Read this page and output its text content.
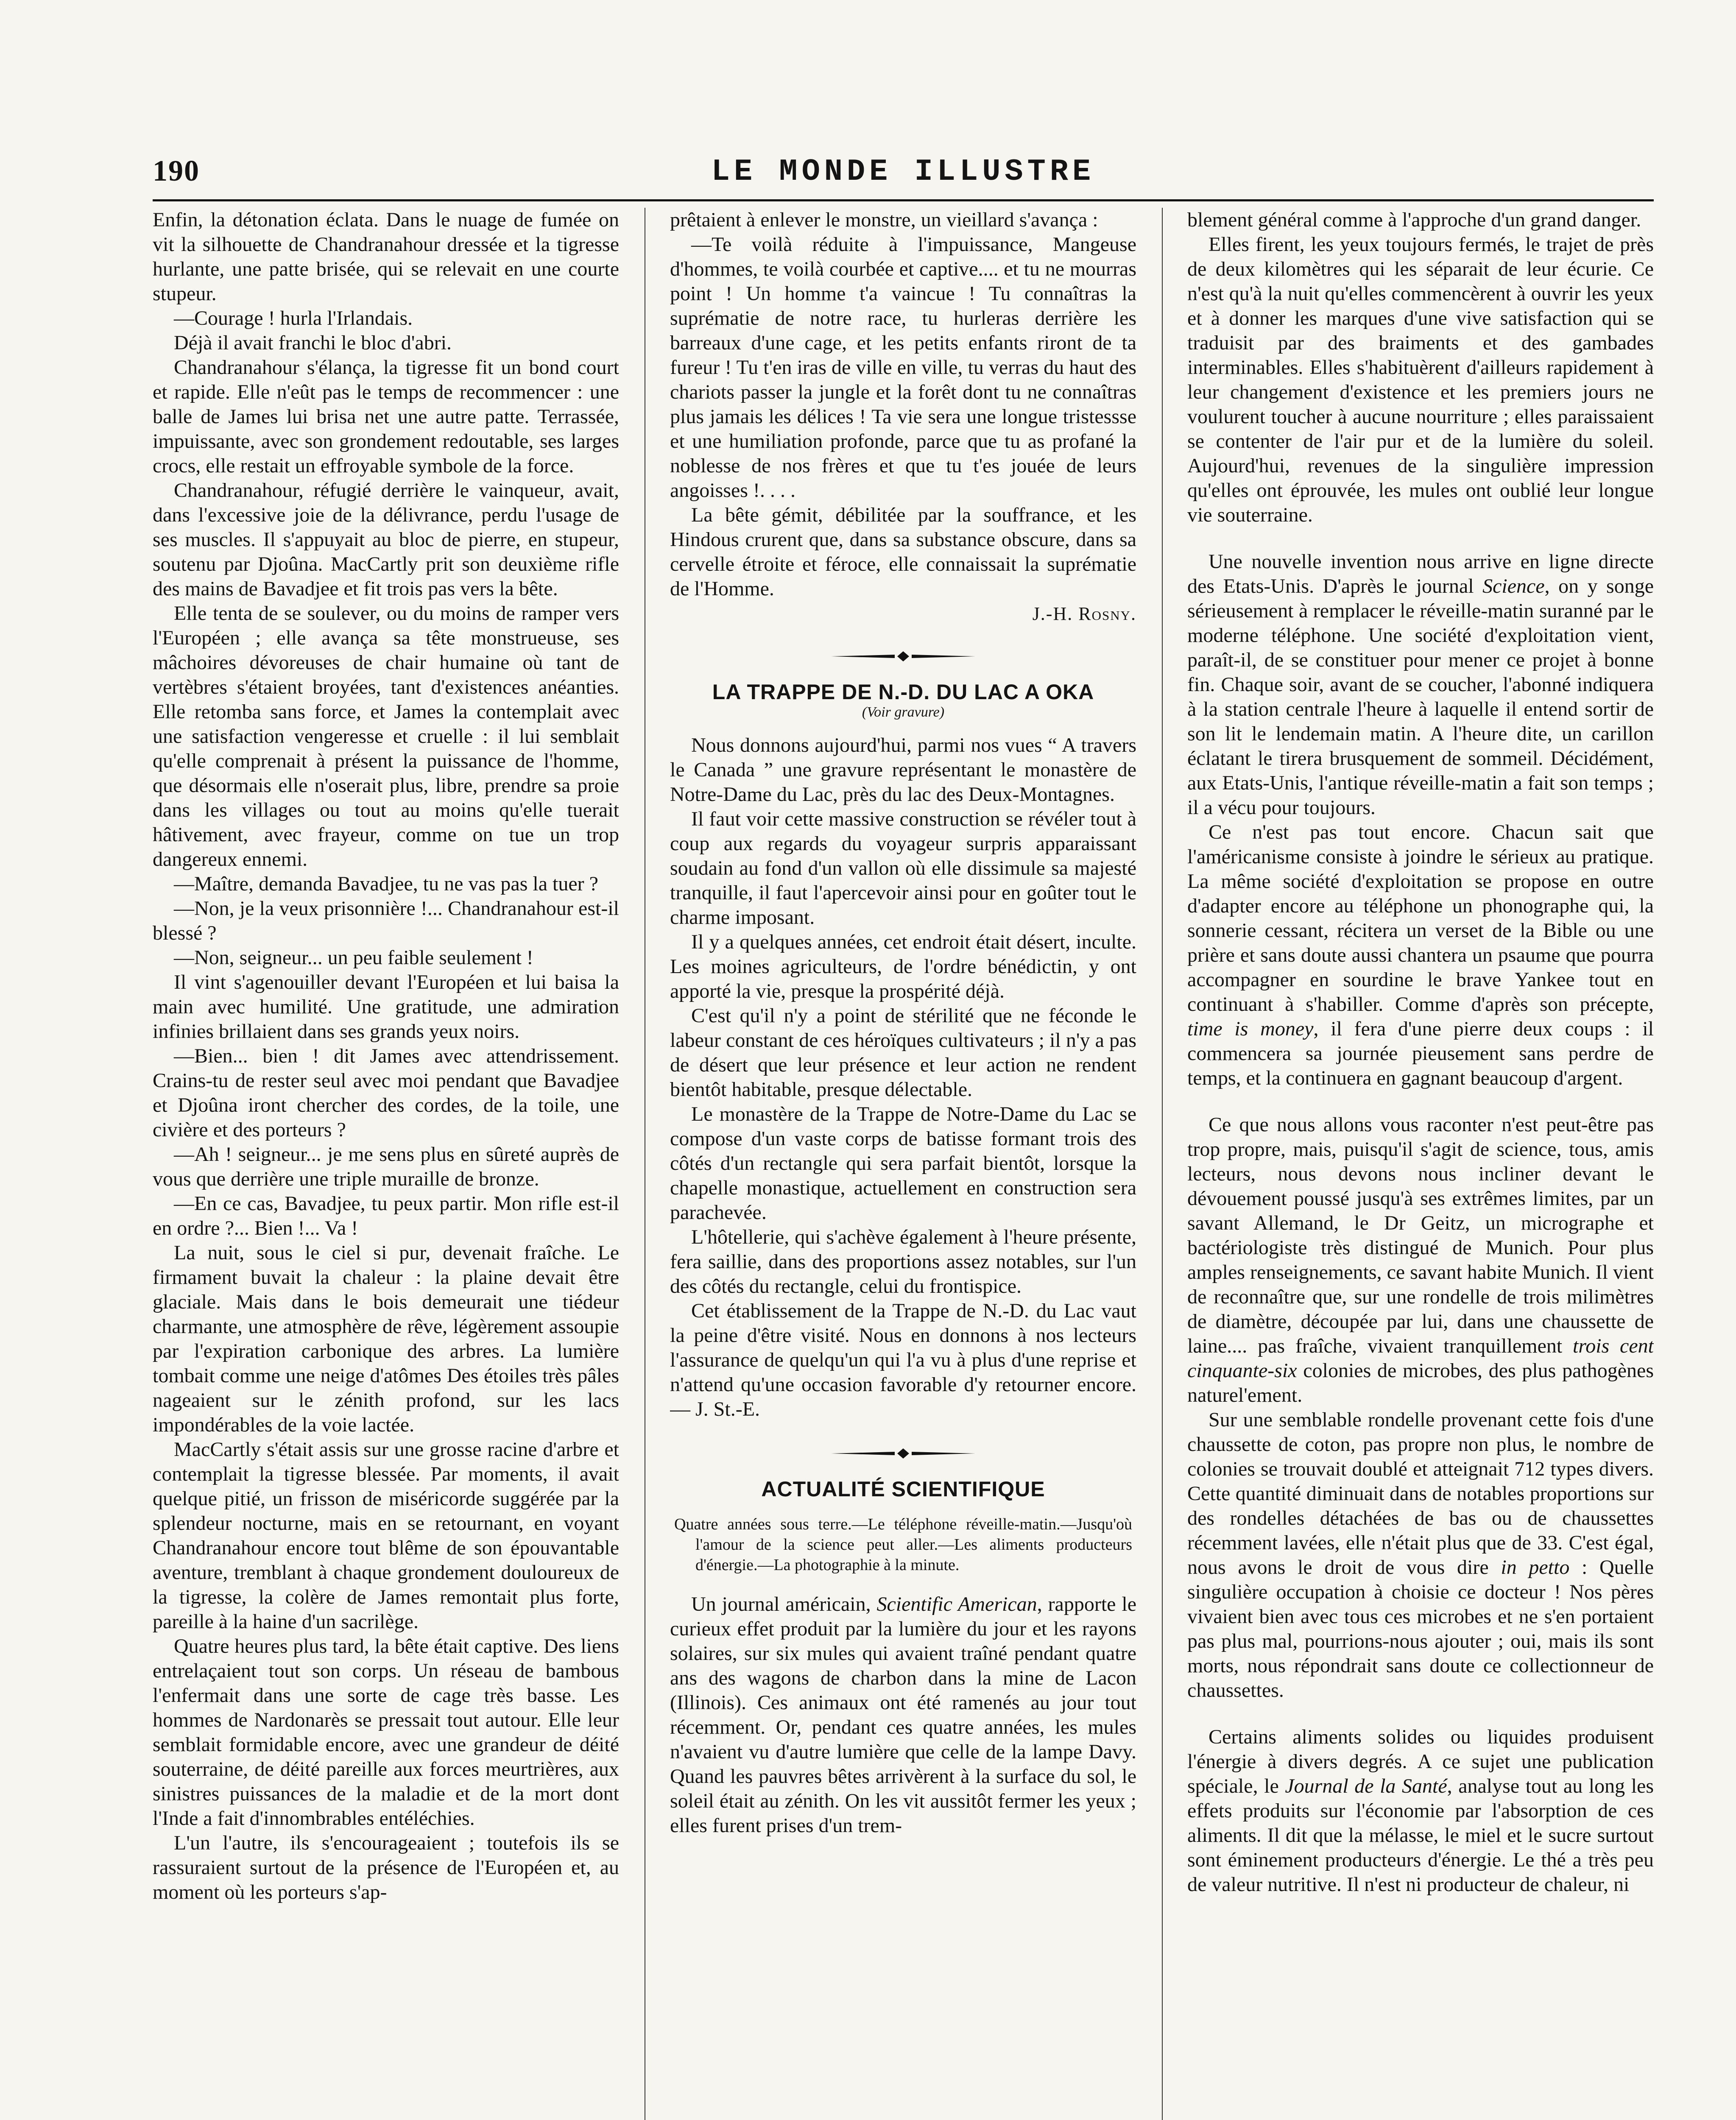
190	LE MONDE ILLUSTRE

Enfin, la détonation éclata. Dans le nuage de fumée on vit la silhouette de Chandranahour dressée et la tigresse hurlante, une patte brisée, qui se relevait en une courte stupeur.

—Courage ! hurla l'Irlandais.

Déjà il avait franchi le bloc d'abri.

Chandranahour s'élança, la tigresse fit un bond court et rapide. Elle n'eût pas le temps de recommencer : une balle de James lui brisa net une autre patte. Terrassée, impuissante, avec son grondement redoutable, ses larges crocs, elle restait un effroyable symbole de la force.

Chandranahour, réfugié derrière le vainqueur, avait, dans l'excessive joie de la délivrance, perdu l'usage de ses muscles. Il s'appuyait au bloc de pierre, en stupeur, soutenu par Djoûna. MacCartly prit son deuxième rifle des mains de Bavadjee et fit trois pas vers la bête.

Elle tenta de se soulever, ou du moins de ramper vers l'Européen ; elle avança sa tête monstrueuse, ses mâchoires dévoreuses de chair humaine où tant de vertèbres s'étaient broyées, tant d'existences anéanties. Elle retomba sans force, et James la contemplait avec une satisfaction vengeresse et cruelle : il lui semblait qu'elle comprenait à présent la puissance de l'homme, que désormais elle n'oserait plus, libre, prendre sa proie dans les villages ou tout au moins qu'elle tuerait hâtivement, avec frayeur, comme on tue un trop dangereux ennemi.

—Maître, demanda Bavadjee, tu ne vas pas la tuer ?

—Non, je la veux prisonnière !... Chandranahour est-il blessé ?

—Non, seigneur... un peu faible seulement !

Il vint s'agenouiller devant l'Européen et lui baisa la main avec humilité. Une gratitude, une admiration infinies brillaient dans ses grands yeux noirs.

—Bien... bien ! dit James avec attendrissement. Crains-tu de rester seul avec moi pendant que Bavadjee et Djoûna iront chercher des cordes, de la toile, une civière et des porteurs ?

—Ah ! seigneur... je me sens plus en sûreté auprès de vous que derrière une triple muraille de bronze.

—En ce cas, Bavadjee, tu peux partir. Mon rifle est-il en ordre ?... Bien !... Va !

La nuit, sous le ciel si pur, devenait fraîche. Le firmament buvait la chaleur : la plaine devait être glaciale. Mais dans le bois demeurait une tiédeur charmante, une atmosphère de rêve, légèrement assoupie par l'expiration carbonique des arbres. La lumière tombait comme une neige d'atômes Des étoiles très pâles nageaient sur le zénith profond, sur les lacs impondérables de la voie lactée.

MacCartly s'était assis sur une grosse racine d'arbre et contemplait la tigresse blessée. Par moments, il avait quelque pitié, un frisson de miséricorde suggérée par la splendeur nocturne, mais en se retournant, en voyant Chandranahour encore tout blême de son épouvantable aventure, tremblant à chaque grondement douloureux de la tigresse, la colère de James remontait plus forte, pareille à la haine d'un sacrilège.

Quatre heures plus tard, la bête était captive. Des liens entrelaçaient tout son corps. Un réseau de bambous l'enfermait dans une sorte de cage très basse. Les hommes de Nardonarès se pressait tout autour. Elle leur semblait formidable encore, avec une grandeur de déité souterraine, de déité pareille aux forces meurtrières, aux sinistres puissances de la maladie et de la mort dont l'Inde a fait d'innombrables entéléchies.

L'un l'autre, ils s'encourageaient ; toutefois ils se rassuraient surtout de la présence de l'Européen et, au moment où les porteurs s'ap-

prêtaient à enlever le monstre, un vieillard s'avança :

—Te voilà réduite à l'impuissance, Mangeuse d'hommes, te voilà courbée et captive.... et tu ne mourras point ! Un homme t'a vaincue ! Tu connaîtras la suprématie de notre race, tu hurleras derrière les barreaux d'une cage, et les petits enfants riront de ta fureur ! Tu t'en iras de ville en ville, tu verras du haut des chariots passer la jungle et la forêt dont tu ne connaîtras plus jamais les délices ! Ta vie sera une longue tristessse et une humiliation profonde, parce que tu as profané la noblesse de nos frères et que tu t'es jouée de leurs angoisses !. . . .

La bête gémit, débilitée par la souffrance, et les Hindous crurent que, dans sa substance obscure, dans sa cervelle étroite et féroce, elle connaissait la suprématie de l'Homme.

J.-H. Rosny.
LA TRAPPE DE N.-D. DU LAC A OKA
(Voir gravure)

Nous donnons aujourd'hui, parmi nos vues “ A travers le Canada ” une gravure représentant le monastère de Notre-Dame du Lac, près du lac des Deux-Montagnes.

Il faut voir cette massive construction se révéler tout à coup aux regards du voyageur surpris apparaissant soudain au fond d'un vallon où elle dissimule sa majesté tranquille, il faut l'apercevoir ainsi pour en goûter tout le charme imposant.

Il y a quelques années, cet endroit était désert, inculte. Les moines agriculteurs, de l'ordre bénédictin, y ont apporté la vie, presque la prospérité déjà.

C'est qu'il n'y a point de stérilité que ne féconde le labeur constant de ces héroïques cultivateurs ; il n'y a pas de désert que leur présence et leur action ne rendent bientôt habitable, presque délectable.

Le monastère de la Trappe de Notre-Dame du Lac se compose d'un vaste corps de batisse formant trois des côtés d'un rectangle qui sera parfait bientôt, lorsque la chapelle monastique, actuellement en construction sera parachevée.

L'hôtellerie, qui s'achève également à l'heure présente, fera saillie, dans des proportions assez notables, sur l'un des côtés du rectangle, celui du frontispice.

Cet établissement de la Trappe de N.-D. du Lac vaut la peine d'être visité. Nous en donnons à nos lecteurs l'assurance de quelqu'un qui l'a vu à plus d'une reprise et n'attend qu'une occasion favorable d'y retourner encore.— J. St.-E.

ACTUALITÉ SCIENTIFIQUE
Quatre années sous terre.—Le téléphone réveille-matin.—Jusqu'où l'amour de la science peut aller.—Les aliments producteurs d'énergie.—La photographie à la minute.

Un journal américain, Scientific American, rapporte le curieux effet produit par la lumière du jour et les rayons solaires, sur six mules qui avaient traîné pendant quatre ans des wagons de charbon dans la mine de Lacon (Illinois). Ces animaux ont été ramenés au jour tout récemment. Or, pendant ces quatre années, les mules n'avaient vu d'autre lumière que celle de la lampe Davy. Quand les pauvres bêtes arrivèrent à la surface du sol, le soleil était au zénith. On les vit aussitôt fermer les yeux ; elles furent prises d'un trem-

blement général comme à l'approche d'un grand danger.

Elles firent, les yeux toujours fermés, le trajet de près de deux kilomètres qui les séparait de leur écurie. Ce n'est qu'à la nuit qu'elles commencèrent à ouvrir les yeux et à donner les marques d'une vive satisfaction qui se traduisit par des braiments et des gambades interminables. Elles s'habituèrent d'ailleurs rapidement à leur changement d'existence et les premiers jours ne voulurent toucher à aucune nourriture ; elles paraissaient se contenter de l'air pur et de la lumière du soleil. Aujourd'hui, revenues de la singulière impression qu'elles ont éprouvée, les mules ont oublié leur longue vie souterraine.

Une nouvelle invention nous arrive en ligne directe des Etats-Unis. D'après le journal Science, on y songe sérieusement à remplacer le réveille-matin suranné par le moderne téléphone. Une société d'exploitation vient, paraît-il, de se constituer pour mener ce projet à bonne fin. Chaque soir, avant de se coucher, l'abonné indiquera à la station centrale l'heure à laquelle il entend sortir de son lit le lendemain matin. A l'heure dite, un carillon éclatant le tirera brusquement de sommeil. Décidément, aux Etats-Unis, l'antique réveille-matin a fait son temps ; il a vécu pour toujours.

Ce n'est pas tout encore. Chacun sait que l'américanisme consiste à joindre le sérieux au pratique. La même société d'exploitation se propose en outre d'adapter encore au téléphone un phonographe qui, la sonnerie cessant, récitera un verset de la Bible ou une prière et sans doute aussi chantera un psaume que pourra accompagner en sourdine le brave Yankee tout en continuant à s'habiller. Comme d'après son précepte, time is money, il fera d'une pierre deux coups : il commencera sa journée pieusement sans perdre de temps, et la continuera en gagnant beaucoup d'argent.

Ce que nous allons vous raconter n'est peut-être pas trop propre, mais, puisqu'il s'agit de science, tous, amis lecteurs, nous devons nous incliner devant le dévouement poussé jusqu'à ses extrêmes limites, par un savant Allemand, le Dr Geitz, un micrographe et bactériologiste très distingué de Munich. Pour plus amples renseignements, ce savant habite Munich. Il vient de reconnaître que, sur une rondelle de trois milimètres de diamètre, découpée par lui, dans une chaussette de laine.... pas fraîche, vivaient tranquillement trois cent cinquante-six colonies de microbes, des plus pathogènes naturel'ement.

Sur une semblable rondelle provenant cette fois d'une chaussette de coton, pas propre non plus, le nombre de colonies se trouvait doublé et atteignait 712 types divers. Cette quantité diminuait dans de notables proportions sur des rondelles détachées de bas ou de chaussettes récemment lavées, elle n'était plus que de 33. C'est égal, nous avons le droit de vous dire in petto : Quelle singulière occupation à choisie ce docteur ! Nos pères vivaient bien avec tous ces microbes et ne s'en portaient pas plus mal, pourrions-nous ajouter ; oui, mais ils sont morts, nous répondrait sans doute ce collectionneur de chaussettes.

Certains aliments solides ou liquides produisent l'énergie à divers degrés. A ce sujet une publication spéciale, le Journal de la Santé, analyse tout au long les effets produits sur l'économie par l'absorption de ces aliments. Il dit que la mélasse, le miel et le sucre surtout sont éminement producteurs d'énergie. Le thé a très peu de valeur nutritive. Il n'est ni producteur de chaleur, ni
